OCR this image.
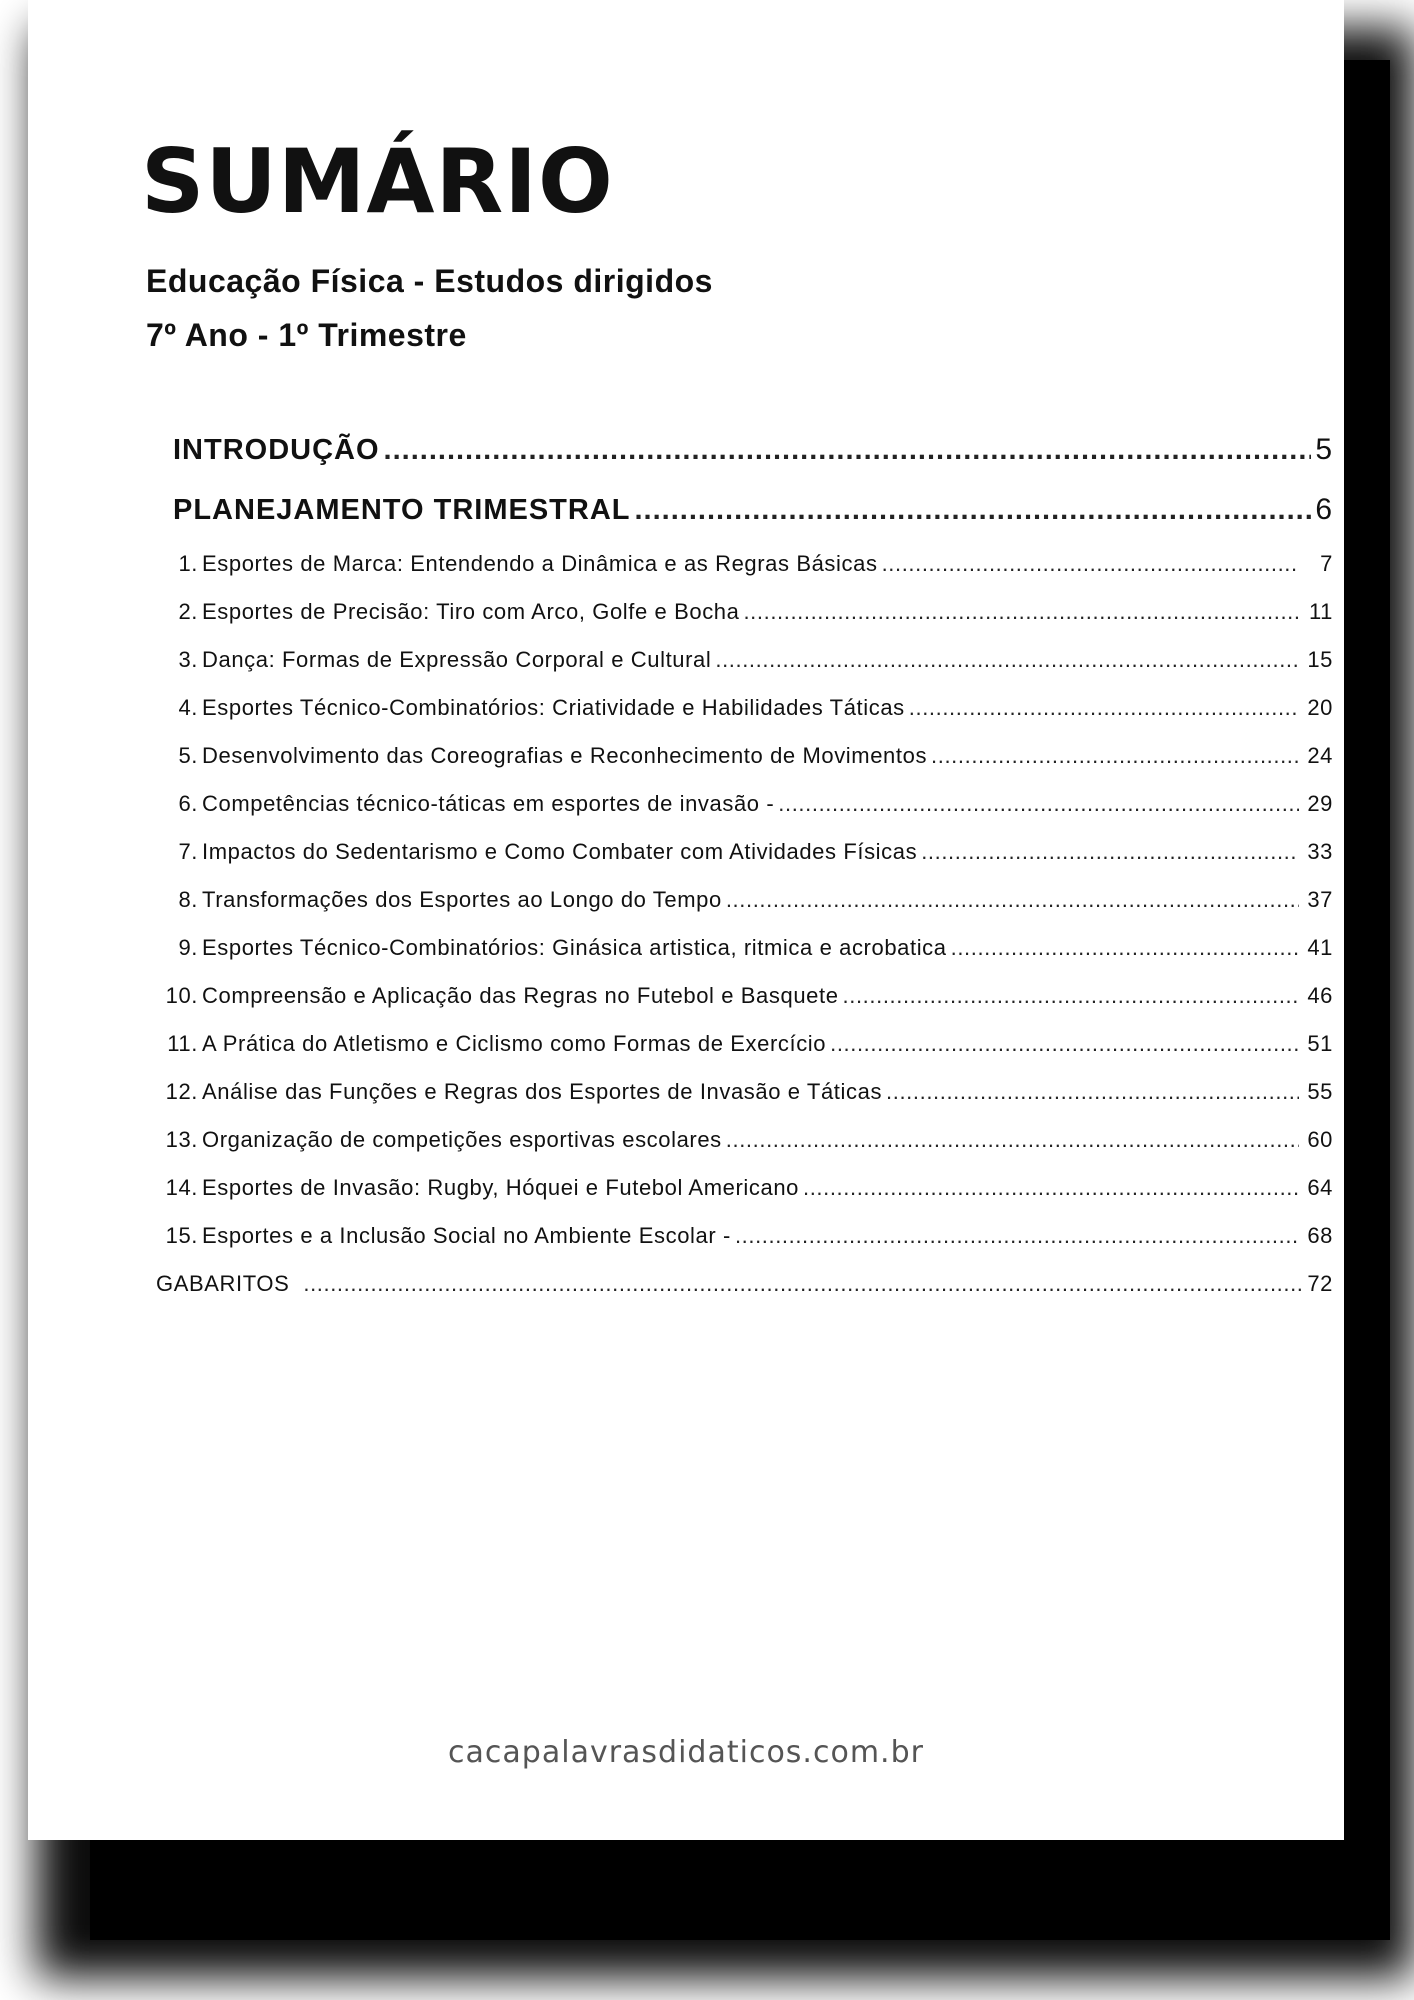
SUMÁRIO
Educação Física - Estudos dirigidos
7º Ano - 1º Trimestre
INTRODUÇÃO .....	5
PLANEJAMENTO TRIMESTRAL .....	6
1. Esportes de Marca: Entendendo a Dinâmica e as Regras Básicas .....	7
2. Esportes de Precisão: Tiro com Arco, Golfe e Bocha .....	11
3. Dança: Formas de Expressão Corporal e Cultural .....	15
4. Esportes Técnico-Combinatórios: Criatividade e Habilidades Táticas .....	20
5. Desenvolvimento das Coreografias e Reconhecimento de Movimentos .....	24
6. Competências técnico-táticas em esportes de invasão - .....	29
7. Impactos do Sedentarismo e Como Combater com Atividades Físicas .....	33
8. Transformações dos Esportes ao Longo do Tempo .....	37
9. Esportes Técnico-Combinatórios: Ginásica artistica, ritmica e acrobatica .....	41
10. Compreensão e Aplicação das Regras no Futebol e Basquete .....	46
11. A Prática do Atletismo e Ciclismo como Formas de Exercício .....	51
12. Análise das Funções e Regras dos Esportes de Invasão e Táticas .....	55
13. Organização de competições esportivas escolares .....	60
14. Esportes de Invasão: Rugby, Hóquei e Futebol Americano .....	64
15. Esportes e a Inclusão Social no Ambiente Escolar - .....	68
GABARITOS .....	72
cacapalavrasdidaticos.com.br
